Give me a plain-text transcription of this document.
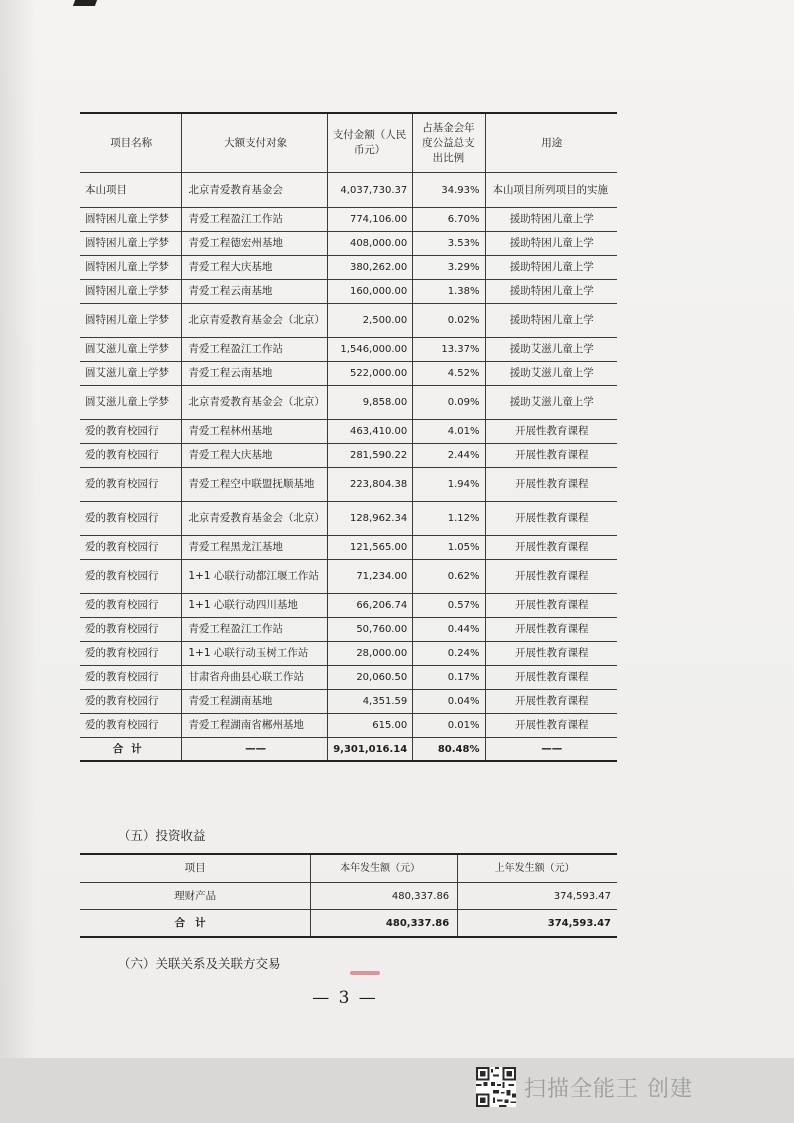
项目名称	大额支付对象	支付金额（人民币元）	占基金会年度公益总支出比例	用途
本山项目	北京青爱教育基金会	4,037,730.37	34.93%	本山项目所列项目的实施
圆特困儿童上学梦	青爱工程盈江工作站	774,106.00	6.70%	援助特困儿童上学
圆特困儿童上学梦	青爱工程德宏州基地	408,000.00	3.53%	援助特困儿童上学
圆特困儿童上学梦	青爱工程大庆基地	380,262.00	3.29%	援助特困儿童上学
圆特困儿童上学梦	青爱工程云南基地	160,000.00	1.38%	援助特困儿童上学
圆特困儿童上学梦	北京青爱教育基金会（北京）	2,500.00	0.02%	援助特困儿童上学
圆艾滋儿童上学梦	青爱工程盈江工作站	1,546,000.00	13.37%	援助艾滋儿童上学
圆艾滋儿童上学梦	青爱工程云南基地	522,000.00	4.52%	援助艾滋儿童上学
圆艾滋儿童上学梦	北京青爱教育基金会（北京）	9,858.00	0.09%	援助艾滋儿童上学
爱的教育校园行	青爱工程林州基地	463,410.00	4.01%	开展性教育课程
爱的教育校园行	青爱工程大庆基地	281,590.22	2.44%	开展性教育课程
爱的教育校园行	青爱工程空中联盟抚顺基地	223,804.38	1.94%	开展性教育课程
爱的教育校园行	北京青爱教育基金会（北京）	128,962.34	1.12%	开展性教育课程
爱的教育校园行	青爱工程黑龙江基地	121,565.00	1.05%	开展性教育课程
爱的教育校园行	1+1 心联行动都江堰工作站	71,234.00	0.62%	开展性教育课程
爱的教育校园行	1+1 心联行动四川基地	66,206.74	0.57%	开展性教育课程
爱的教育校园行	青爱工程盈江工作站	50,760.00	0.44%	开展性教育课程
爱的教育校园行	1+1 心联行动玉树工作站	28,000.00	0.24%	开展性教育课程
爱的教育校园行	甘肃省舟曲县心联工作站	20,060.50	0.17%	开展性教育课程
爱的教育校园行	青爱工程湖南基地	4,351.59	0.04%	开展性教育课程
爱的教育校园行	青爱工程湖南省郴州基地	615.00	0.01%	开展性教育课程
合计	——	9,301,016.14	80.48%	——
（五）投资收益
项目	本年发生额（元）	上年发生额（元）
理财产品	480,337.86	374,593.47
合计	480,337.86	374,593.47
（六）关联关系及关联方交易
— 3 —
扫描全能王 创建
